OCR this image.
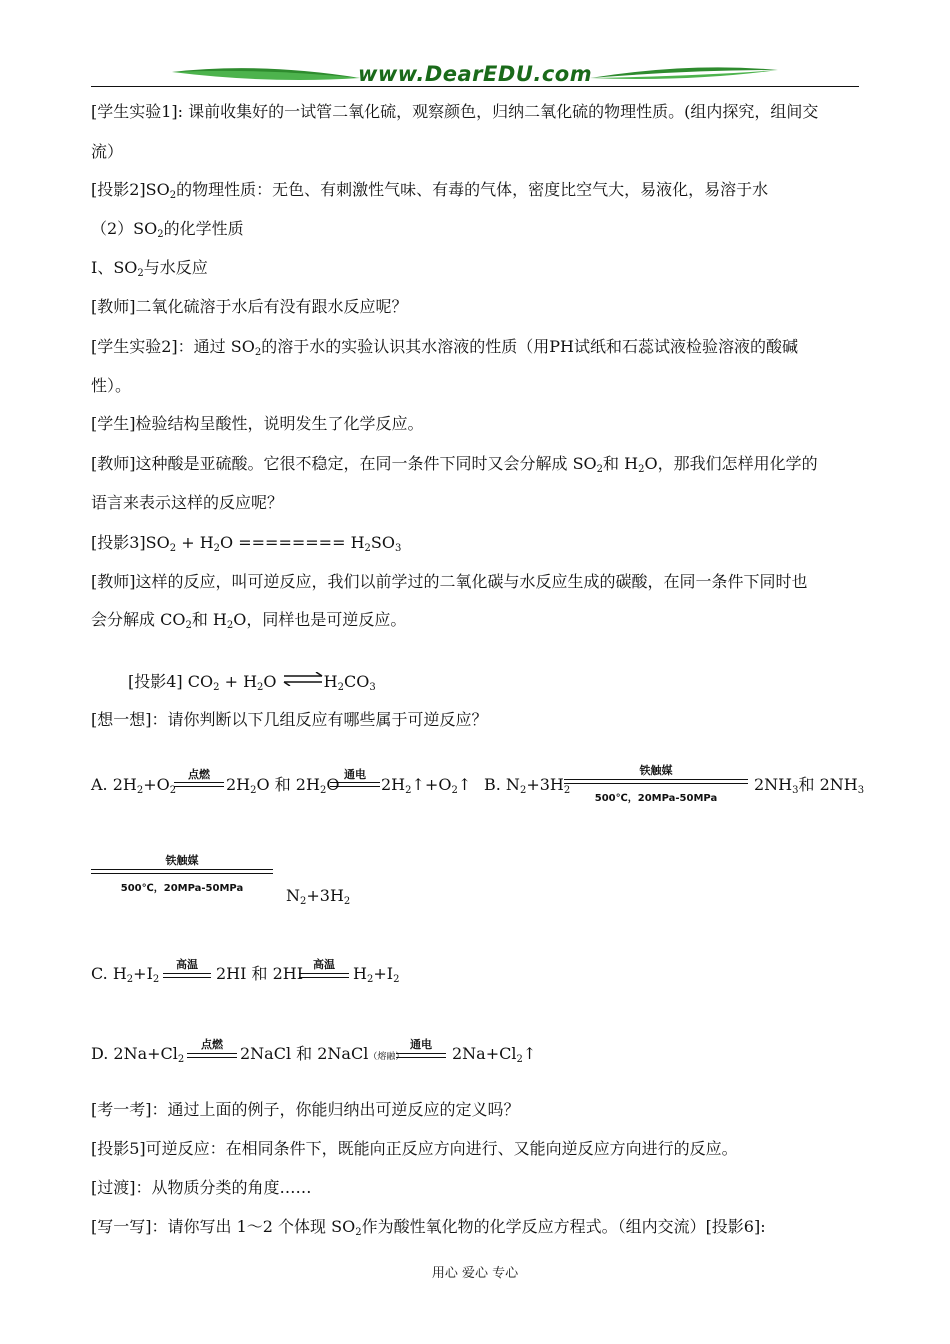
www.DearEDU.com
[学生实验1]: 课前收集好的一试管二氧化硫，观察颜色，归纳二氧化硫的物理性质。(组内探究，组间交
流）
[投影$2]SO_2$的物理性质：无色、有刺激性气味、有毒的气体，密度比空气大，易液化，易溶于水
$(2)SO_2$的化学性质
I、$SO_2$与水反应
[教师]二氧化硫溶于水后有没有跟水反应呢？
[学生实验2]：通过 $SO_2$的溶于水的实验认识其水溶液的性质（用PH试纸和石蕊试液检验溶液的酸碱
性）。
[学生]检验结构呈酸性，说明发生了化学反应。
[教师]这种酸是亚硫酸。它很不稳定，在同一条件下同时又会分解成 $SO_2$和 $H_2O$，那我们怎样用化学的
语言来表示这样的反应呢？
[投影$3]SO_2 + H_2O$ ======== $H_2SO_3$
[教师]这样的反应，叫可逆反应，我们以前学过的二氧化碳与水反应生成的碳酸，在同一条件下同时也
会分解成 $CO_2$和 $H_2O$，同样也是可逆反应。
[投影4] $CO_2 + H_2O$ $\rightleftharpoons H_2CO_3$
[想一想]：请你判断以下几组反应有哪些属于可逆反应？
A. $2H_2+O_2$
点燃
$2H_2O$ 和 $2H_2O$
通电
$2H_2↑+O_2↑$ B. $N_2+3H_2$
铁触媒
500℃，20MPa-50MPa
$2NH_3$和 $2NH_3$
铁触媒
500℃，20MPa-50MPa	$N_2+3H_2$
C. $H_2+I_2$
高温	2HI 和 2HI 高温	$H_2+I_2$
D. $2Na+Cl_2$
点燃	2NaCl 和 2NaCl（熔融）
通电	$2Na+Cl_2↑$
[考一考]：通过上面的例子，你能归纳出可逆反应的定义吗？
[投影5]可逆反应：在相同条件下，既能向正反应方向进行、又能向逆反应方向进行的反应。
[过渡]：从物质分类的角度……
[写一写]：请你写出 1～2 个体现 $SO_2$作为酸性氧化物的化学反应方程式。（组内交流）[投影6]:
用心 爱心 专心
